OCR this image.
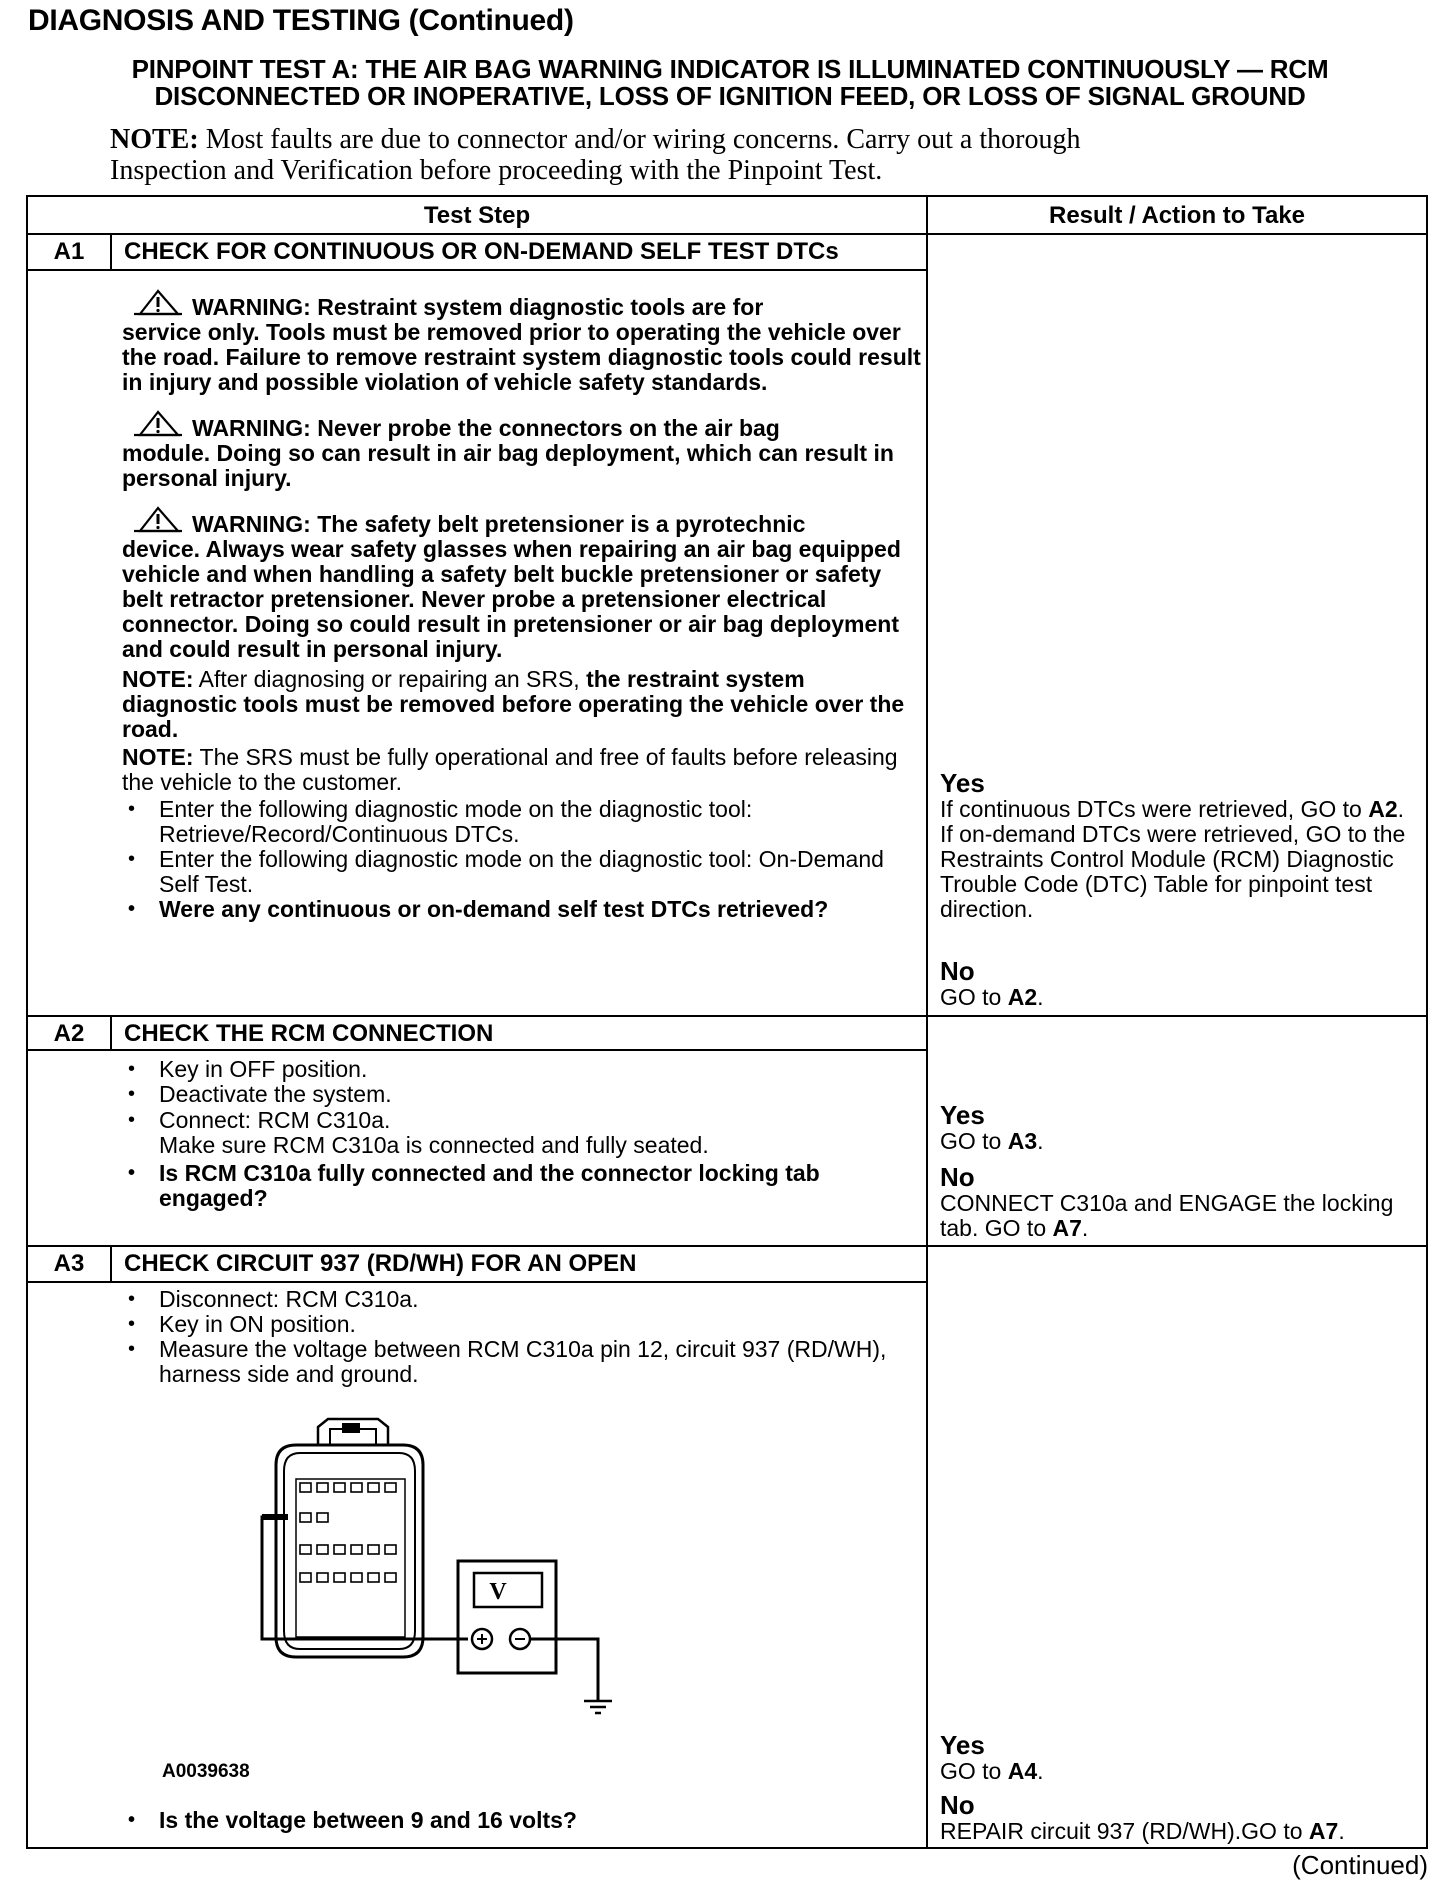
DIAGNOSIS AND TESTING (Continued)
PINPOINT TEST A: THE AIR BAG WARNING INDICATOR IS ILLUMINATED CONTINUOUSLY — RCM
DISCONNECTED OR INOPERATIVE, LOSS OF IGNITION FEED, OR LOSS OF SIGNAL GROUND
NOTE: Most faults are due to connector and/or wiring concerns. Carry out a thorough
Inspection and Verification before proceeding with the Pinpoint Test.
Test Step	Result / Action to Take
A1	CHECK FOR CONTINUOUS OR ON-DEMAND SELF TEST DTCs
WARNING: Restraint system diagnostic tools are for
service only. Tools must be removed prior to operating the vehicle over the road. Failure to remove restraint system diagnostic tools could result in injury and possible violation of vehicle safety standards.
WARNING: Never probe the connectors on the air bag
module. Doing so can result in air bag deployment, which can result in personal injury.
WARNING: The safety belt pretensioner is a pyrotechnic
device. Always wear safety glasses when repairing an air bag equipped vehicle and when handling a safety belt buckle pretensioner or safety belt retractor pretensioner. Never probe a pretensioner electrical connector. Doing so could result in pretensioner or air bag deployment and could result in personal injury.
NOTE: After diagnosing or repairing an SRS, the restraint system diagnostic tools must be removed before operating the vehicle over the road.
NOTE: The SRS must be fully operational and free of faults before releasing the vehicle to the customer.
• Enter the following diagnostic mode on the diagnostic tool: Retrieve/Record/Continuous DTCs.
• Enter the following diagnostic mode on the diagnostic tool: On-Demand Self Test.
• Were any continuous or on-demand self test DTCs retrieved?
Yes
If continuous DTCs were retrieved, GO to A2. If on-demand DTCs were retrieved, GO to the Restraints Control Module (RCM) Diagnostic Trouble Code (DTC) Table for pinpoint test direction.
No
GO to A2.
A2	CHECK THE RCM CONNECTION
• Key in OFF position.
• Deactivate the system.
• Connect: RCM C310a.
Make sure RCM C310a is connected and fully seated.
• Is RCM C310a fully connected and the connector locking tab engaged?
Yes
GO to A3.
No
CONNECT C310a and ENGAGE the locking tab. GO to A7.
A3	CHECK CIRCUIT 937 (RD/WH) FOR AN OPEN
• Disconnect: RCM C310a.
• Key in ON position.
• Measure the voltage between RCM C310a pin 12, circuit 937 (RD/WH), harness side and ground.
V
A0039638
• Is the voltage between 9 and 16 volts?
Yes
GO to A4.
No
REPAIR circuit 937 (RD/WH).GO to A7.
(Continued)
